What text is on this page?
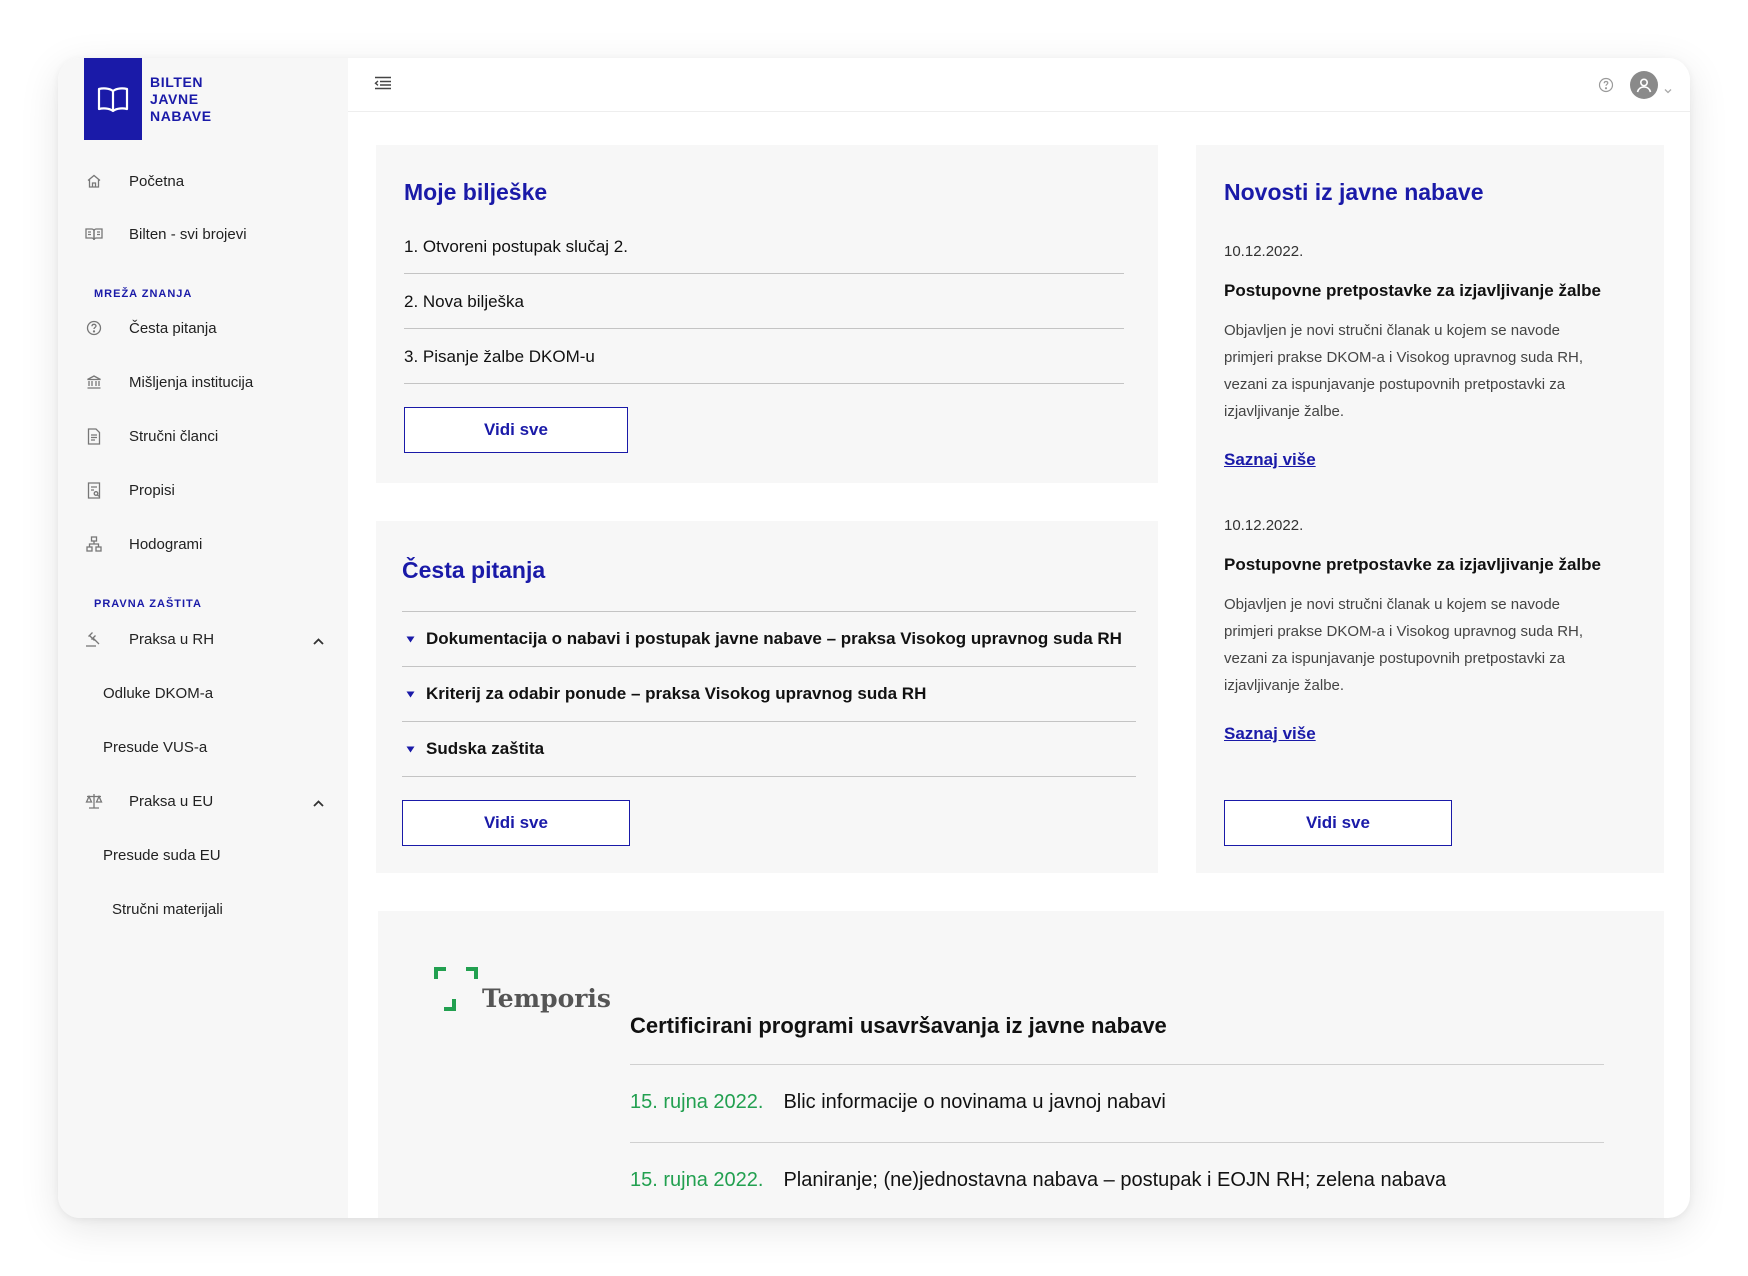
BILTEN
JAVNE
NABAVE
Početna
Bilten - svi brojevi
MREŽA ZNANJA
Česta pitanja
Mišljenja institucija
Stručni članci
Propisi
Hodogrami
PRAVNA ZAŠTITA
Praksa u RH
Odluke DKOM-a
Presude VUS-a
Praksa u EU
Presude suda EU
Stručni materijali
Moje bilješke
1. Otvoreni postupak slučaj 2.
2. Nova bilješka
3. Pisanje žalbe DKOM-u
Vidi sve
Novosti iz javne nabave
10.12.2022.
Postupovne pretpostavke za izjavljivanje žalbe
Objavljen je novi stručni članak u kojem se navode
primjeri prakse DKOM-a i Visokog upravnog suda RH,
vezani za ispunjavanje postupovnih pretpostavki za
izjavljivanje žalbe.
Saznaj više
10.12.2022.
Postupovne pretpostavke za izjavljivanje žalbe
Objavljen je novi stručni članak u kojem se navode
primjeri prakse DKOM-a i Visokog upravnog suda RH,
vezani za ispunjavanje postupovnih pretpostavki za
izjavljivanje žalbe.
Saznaj više
Vidi sve
Česta pitanja
Dokumentacija o nabavi i postupak javne nabave – praksa Visokog upravnog suda RH
Kriterij za odabir ponude – praksa Visokog upravnog suda RH
Sudska zaštita
Vidi sve
Temporis
Certificirani programi usavršavanja iz javne nabave
15. rujna 2022. Blic informacije o novinama u javnoj nabavi
15. rujna 2022. Planiranje; (ne)jednostavna nabava – postupak i EOJN RH; zelena nabava
